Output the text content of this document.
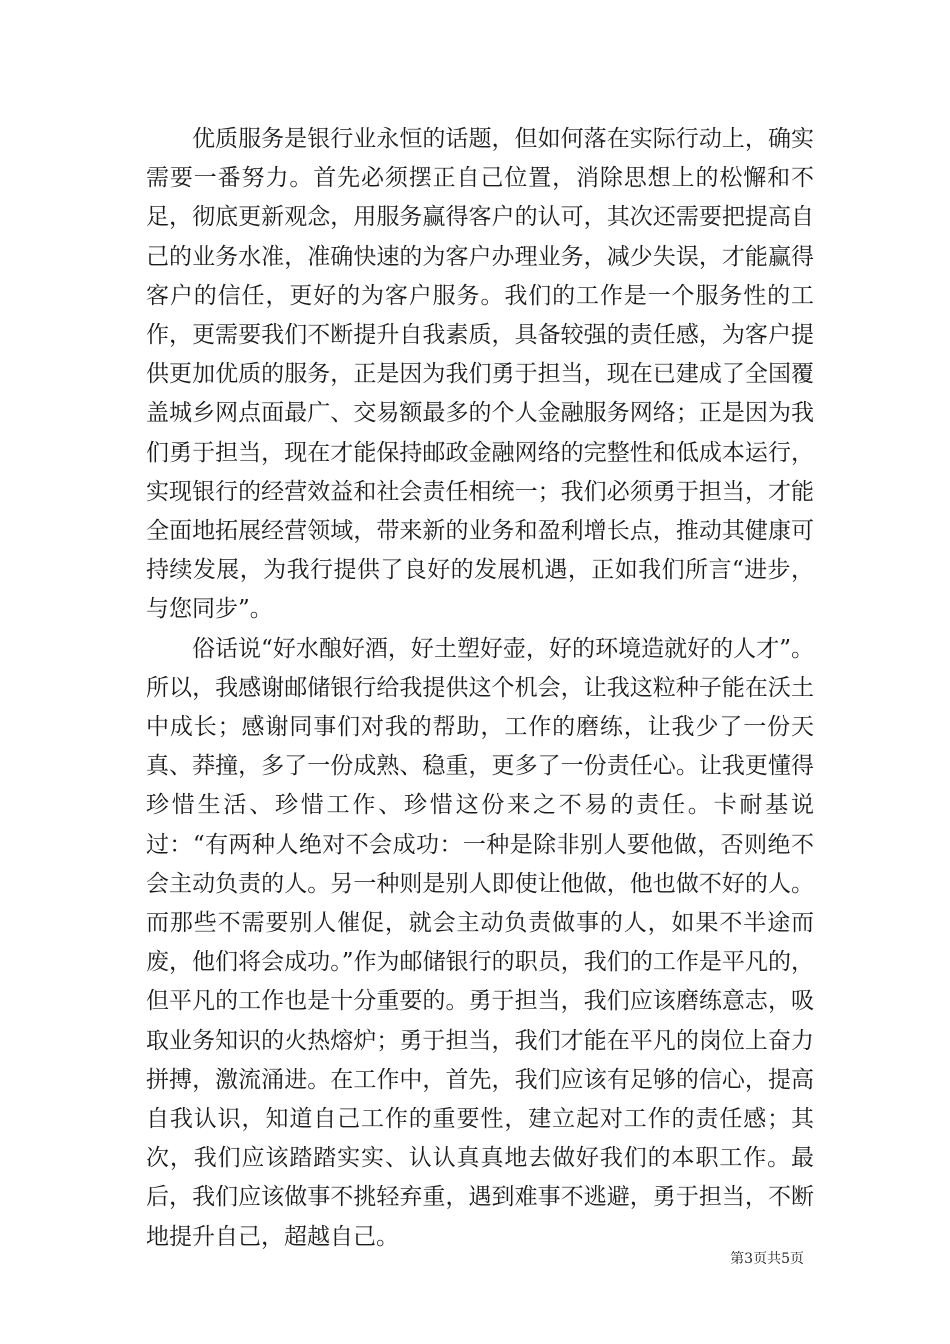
优质服务是银行业永恒的话题，但如何落在实际行动上，确实需要一番努力。首先必须摆正自己位置，消除思想上的松懈和不足，彻底更新观念，用服务赢得客户的认可，其次还需要把提高自己的业务水准，准确快速的为客户办理业务，减少失误，才能赢得客户的信任，更好的为客户服务。我们的工作是一个服务性的工作，更需要我们不断提升自我素质，具备较强的责任感，为客户提供更加优质的服务，正是因为我们勇于担当，现在已建成了全国覆盖城乡网点面最广、交易额最多的个人金融服务网络；正是因为我们勇于担当，现在才能保持邮政金融网络的完整性和低成本运行，实现银行的经营效益和社会责任相统一；我们必须勇于担当，才能全面地拓展经营领域，带来新的业务和盈利增长点，推动其健康可持续发展，为我行提供了良好的发展机遇，正如我们所言“进步，与您同步”。

俗话说“好水酿好酒，好土塑好壶，好的环境造就好的人才”。所以，我感谢邮储银行给我提供这个机会，让我这粒种子能在沃土中成长；感谢同事们对我的帮助，工作的磨练，让我少了一份天真、莽撞，多了一份成熟、稳重，更多了一份责任心。让我更懂得珍惜生活、珍惜工作、珍惜这份来之不易的责任。卡耐基说过：“有两种人绝对不会成功：一种是除非别人要他做，否则绝不会主动负责的人。另一种则是别人即使让他做，他也做不好的人。而那些不需要别人催促，就会主动负责做事的人，如果不半途而废，他们将会成功。”作为邮储银行的职员，我们的工作是平凡的，但平凡的工作也是十分重要的。勇于担当，我们应该磨练意志，吸取业务知识的火热熔炉；勇于担当，我们才能在平凡的岗位上奋力拼搏，激流涌进。在工作中，首先，我们应该有足够的信心，提高自我认识，知道自己工作的重要性，建立起对工作的责任感；其次，我们应该踏踏实实、认认真真地去做好我们的本职工作。最后，我们应该做事不挑轻弃重，遇到难事不逃避，勇于担当，不断地提升自己，超越自己。

第3页共5页
